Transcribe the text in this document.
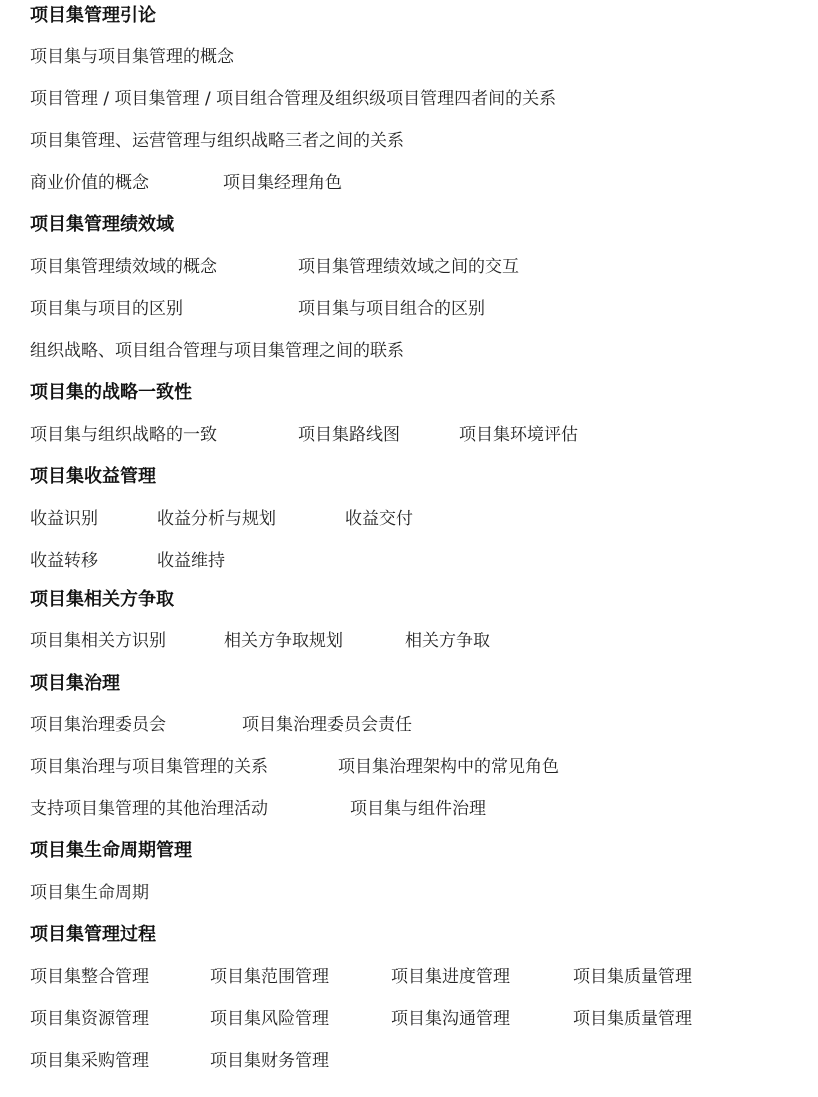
项目集管理引论
项目集与项目集管理的概念
项目管理 / 项目集管理 / 项目组合管理及组织级项目管理四者间的关系
项目集管理、运营管理与组织战略三者之间的关系
商业价值的概念	项目集经理角色
项目集管理绩效域
项目集管理绩效域的概念	项目集管理绩效域之间的交互
项目集与项目的区别	项目集与项目组合的区别
组织战略、项目组合管理与项目集管理之间的联系
项目集的战略一致性
项目集与组织战略的一致	项目集路线图	项目集环境评估
项目集收益管理
收益识别	收益分析与规划	收益交付
收益转移	收益维持
项目集相关方争取
项目集相关方识别	相关方争取规划	相关方争取
项目集治理
项目集治理委员会	项目集治理委员会责任
项目集治理与项目集管理的关系	项目集治理架构中的常见角色
支持项目集管理的其他治理活动	项目集与组件治理
项目集生命周期管理
项目集生命周期
项目集管理过程
项目集整合管理	项目集范围管理	项目集进度管理	项目集质量管理
项目集资源管理	项目集风险管理	项目集沟通管理	项目集质量管理
项目集采购管理	项目集财务管理
